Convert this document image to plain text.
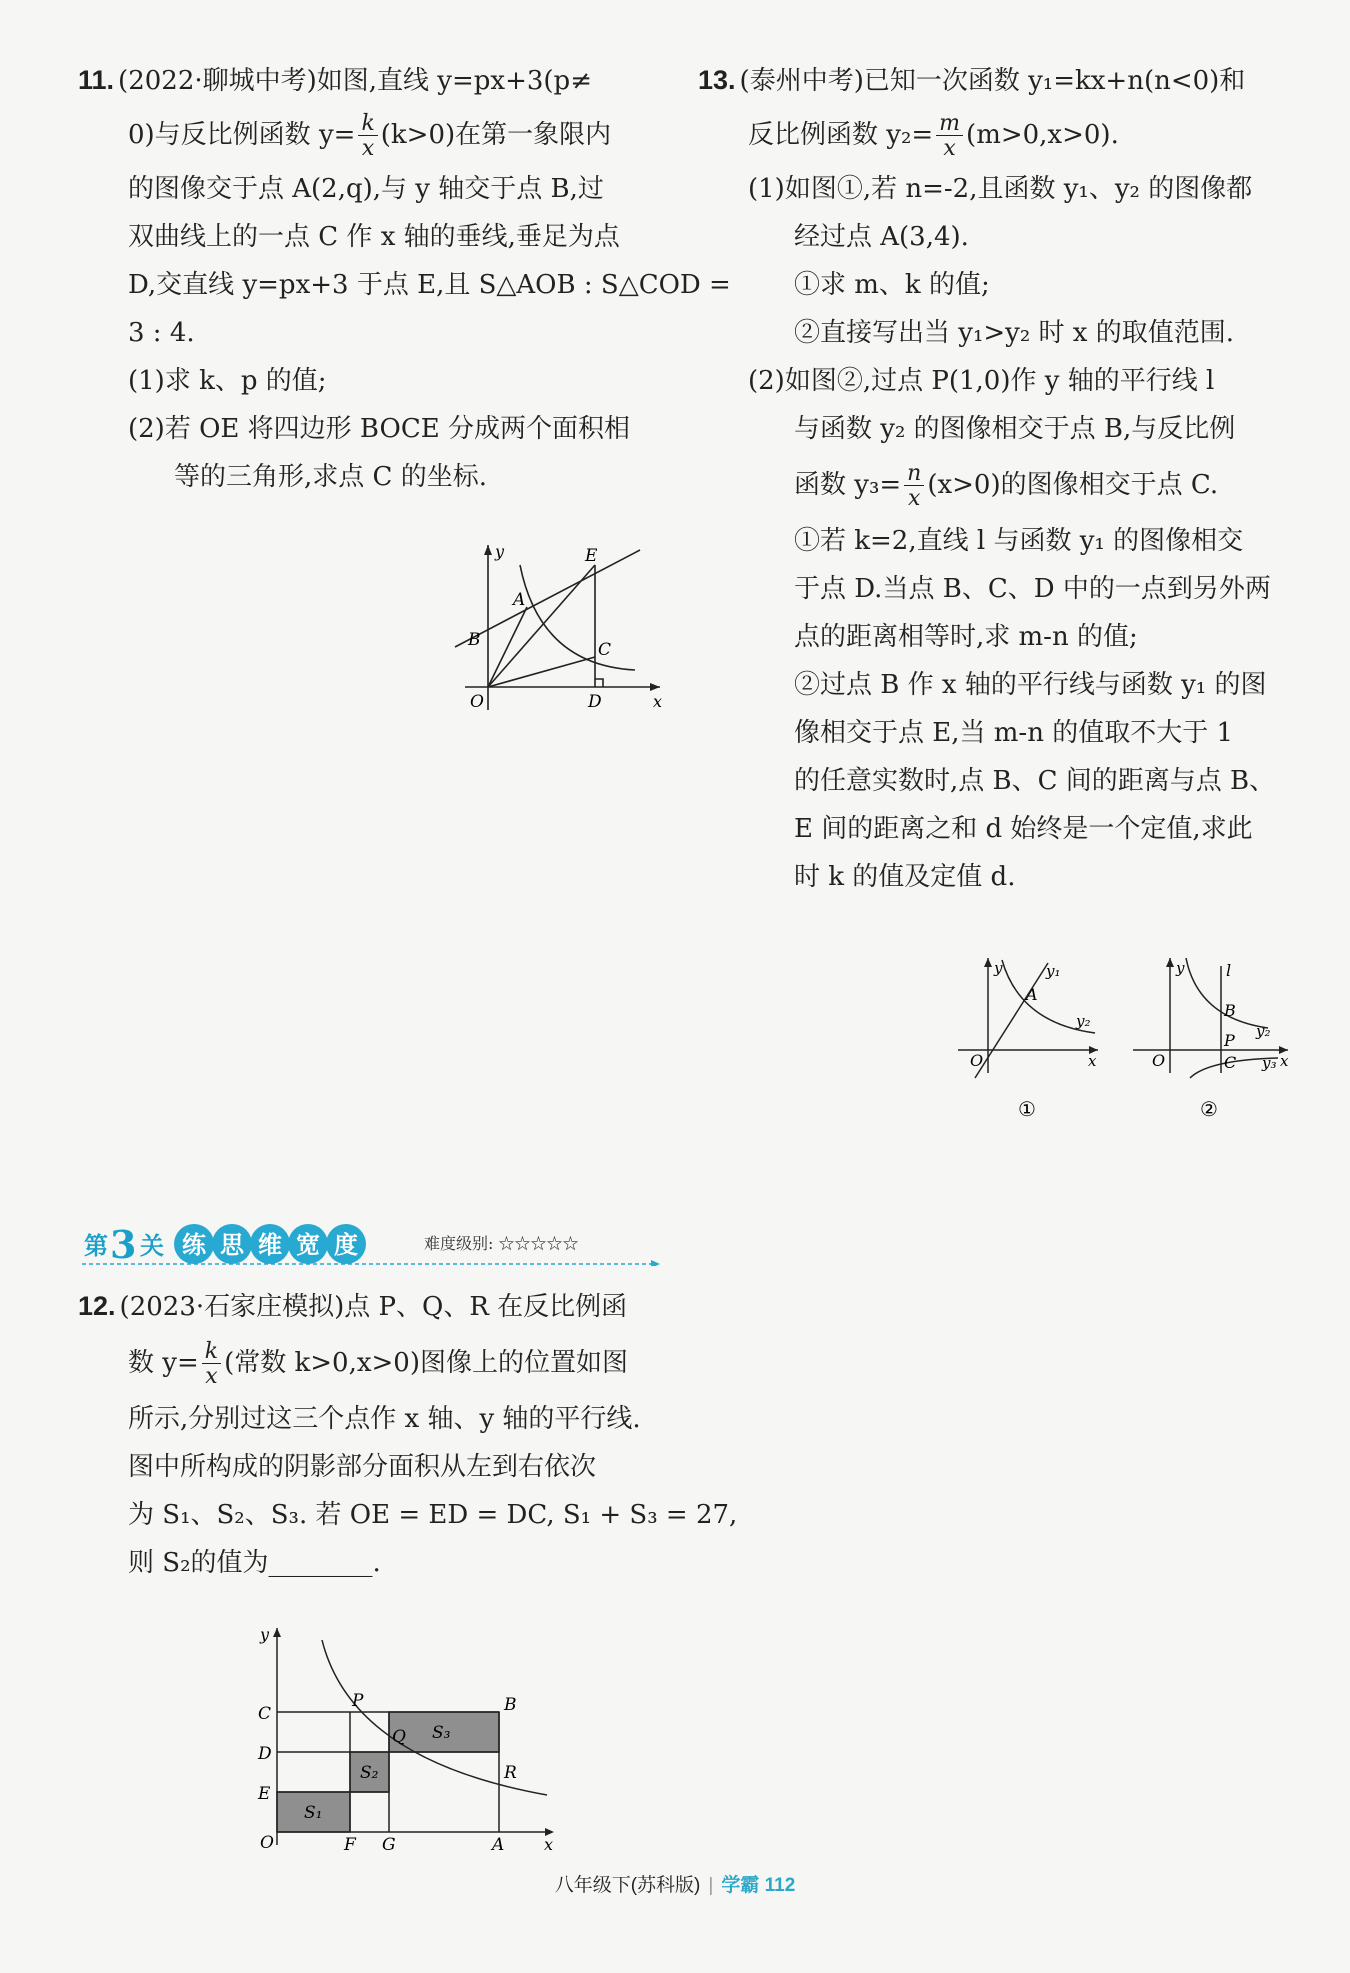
11. (2022·聊城中考)如图,直线 y=px+3(p≠

0)与反比例函数 $y= \frac{k}{x} (k>0)$在第一象限内

的图像交于点 A(2,q),与 y 轴交于点 B,过

双曲线上的一点 C 作 x 轴的垂线,垂足为点

D,交直线 y=px+3 于点 E,且 S△AOB : S△COD =

3 : 4.

(1)求 k、p 的值;

(2)若 OE 将四边形 BOCE 分成两个面积相

等的三角形,求点 C 的坐标.

y
x
O
A
B	C
D
E

13. (泰州中考)已知一次函数 y₁=kx+n(n<0)和

反比例函数 $y_2= \frac{m}{x} (m>0,x>0)$.

(1)如图①,若 n=-2,且函数 y₁、y₂ 的图像都

经过点 A(3,4).

①求 m、k 的值;

②直接写出当 y₁>y₂ 时 x 的取值范围.

(2)如图②,过点 P(1,0)作 y 轴的平行线 l

与函数 y₂ 的图像相交于点 B,与反比例

函数 $y_3= \frac{n}{x} (x>0)$的图像相交于点 C.

①若 k=2,直线 l 与函数 y₁ 的图像相交

于点 D.当点 B、C、D 中的一点到另外两

点的距离相等时,求 m-n 的值;

②过点 B 作 x 轴的平行线与函数 y₁ 的图

像相交于点 E,当 m-n 的值取不大于 1

的任意实数时,点 B、C 间的距离与点 B、

E 间的距离之和 d 始终是一个定值,求此

时 k 的值及定值 d.

y
x
O
A
y₁
y₂
①
y
x
O
l
B
P
C
y₂
y₃
②
第 3 关 练 思 维 宽 度	难度级别: ☆☆☆☆☆

12. (2023·石家庄模拟)点 P、Q、R 在反比例函

数 $y= \frac{k}{x}$ (常数 k>0,x>0)图像上的位置如图

所示,分别过这三个点作 x 轴、y 轴的平行线.

图中所构成的阴影部分面积从左到右依次

为 S₁、S₂、S₃. 若 OE = ED = DC, S₁ + S₃ = 27,

则 S₂的值为________.

y
x
O
C
D
E
F G	A
B
P
Q
R
S₁
S₂
S₃
八年级下(苏科版) | 学霸 112
